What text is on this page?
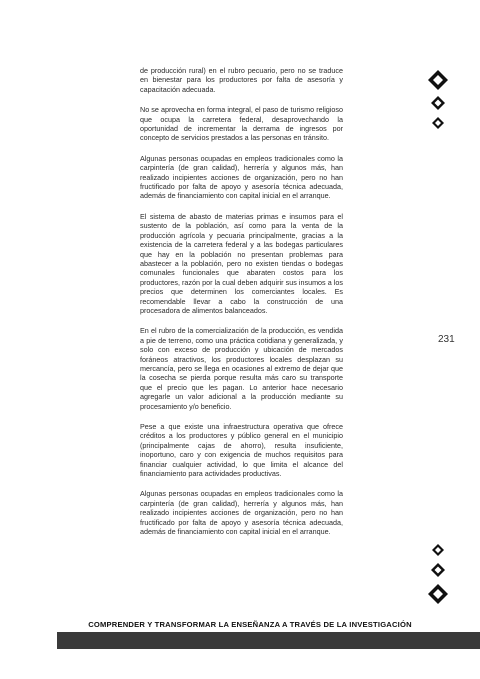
de producción rural) en el rubro pecuario, pero no se traduce en bienestar para los productores por falta de asesoría y capacitación adecuada.

No se aprovecha en forma integral, el paso de turismo religioso que ocupa la carretera federal, desaprovechando la oportunidad de incrementar la derrama de ingresos por concepto de servicios prestados a las personas en tránsito.

Algunas personas ocupadas en empleos tradicionales como la carpintería (de gran calidad), herrería y algunos más, han realizado incipientes acciones de organización, pero no han fructificado por falta de apoyo y asesoría técnica adecuada, además de financiamiento con capital inicial en el arranque.

El sistema de abasto de materias primas e insumos para el sustento de la población, así como para la venta de la producción agrícola y pecuaria principalmente, gracias a la existencia de la carretera federal y a las bodegas particulares que hay en la población no presentan problemas para abastecer a la población, pero no existen tiendas o bodegas comunales funcionales que abaraten costos para los productores, razón por la cual deben adquirir sus insumos a los precios que determinen los comerciantes locales. Es recomendable llevar a cabo la construcción de una procesadora de alimentos balanceados.

En el rubro de la comercialización de la producción, es vendida a pie de terreno, como una práctica cotidiana y generalizada, y solo con exceso de producción y ubicación de mercados foráneos atractivos, los productores locales desplazan su mercancía, pero se llega en ocasiones al extremo de dejar que la cosecha se pierda porque resulta más caro su transporte que el precio que les pagan. Lo anterior hace necesario agregarle un valor adicional a la producción mediante su procesamiento y/o beneficio.

Pese a que existe una infraestructura operativa que ofrece créditos a los productores y público general en el municipio (principalmente cajas de ahorro), resulta insuficiente, inoportuno, caro y con exigencia de muchos requisitos para financiar cualquier actividad, lo que limita el alcance del financiamiento para actividades productivas.

Algunas personas ocupadas en empleos tradicionales como la carpintería (de gran calidad), herrería y algunos más, han realizado incipientes acciones de organización, pero no han fructificado por falta de apoyo y asesoría técnica adecuada, además de financiamiento con capital inicial en el arranque.

231
COMPRENDER Y TRANSFORMAR LA ENSEÑANZA A TRAVÉS DE LA INVESTIGACIÓN
